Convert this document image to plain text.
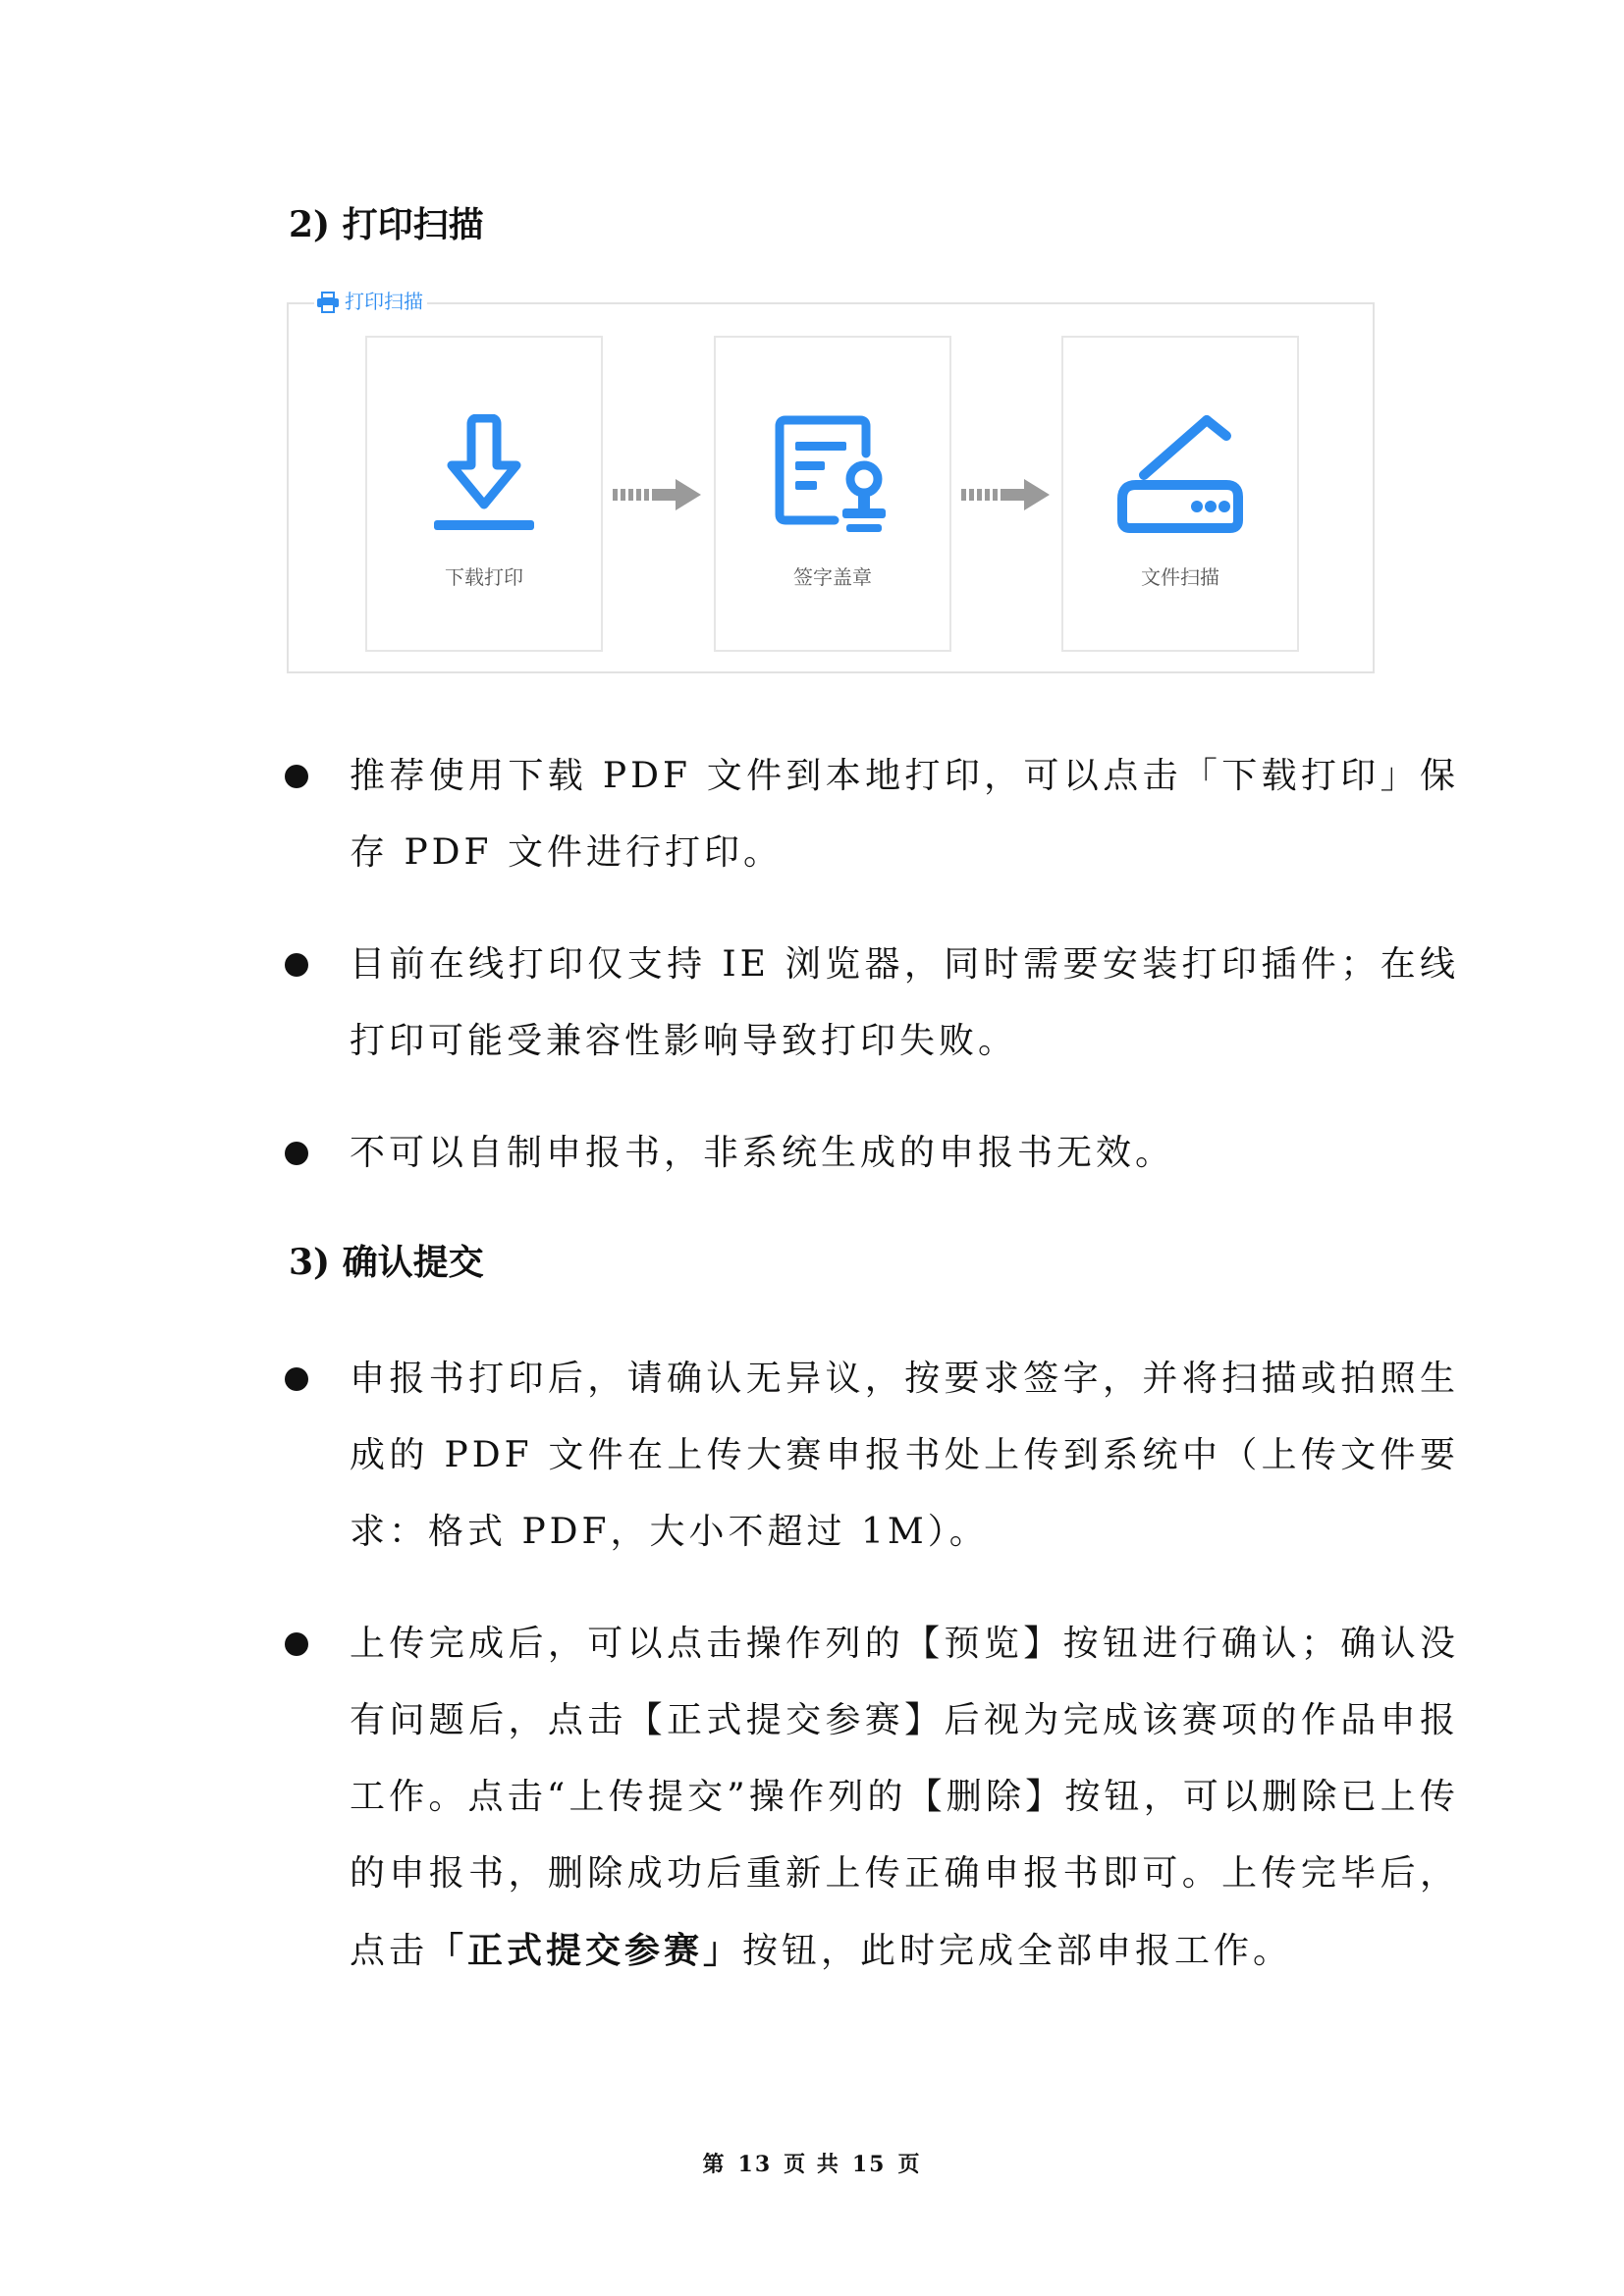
2) 打印扫描
打印扫描
下载打印	签字盖章	文件扫描

推荐使用下载 PDF 文件到本地打印，可以点击「下载打印」保存 PDF 文件进行打印。

目前在线打印仅支持 IE 浏览器，同时需要安装打印插件；在线打印可能受兼容性影响导致打印失败。

不可以自制申报书，非系统生成的申报书无效。

3) 确认提交

申报书打印后，请确认无异议，按要求签字，并将扫描或拍照生成的 PDF 文件在上传大赛申报书处上传到系统中（上传文件要求：格式 PDF，大小不超过 1M）。

上传完成后，可以点击操作列的【预览】按钮进行确认；确认没有问题后，点击【正式提交参赛】后视为完成该赛项的作品申报工作。点击“上传提交”操作列的【删除】按钮，可以删除已上传的申报书，删除成功后重新上传正确申报书即可。上传完毕后，点击「正式提交参赛」按钮，此时完成全部申报工作。

第 13 页 共 15 页
